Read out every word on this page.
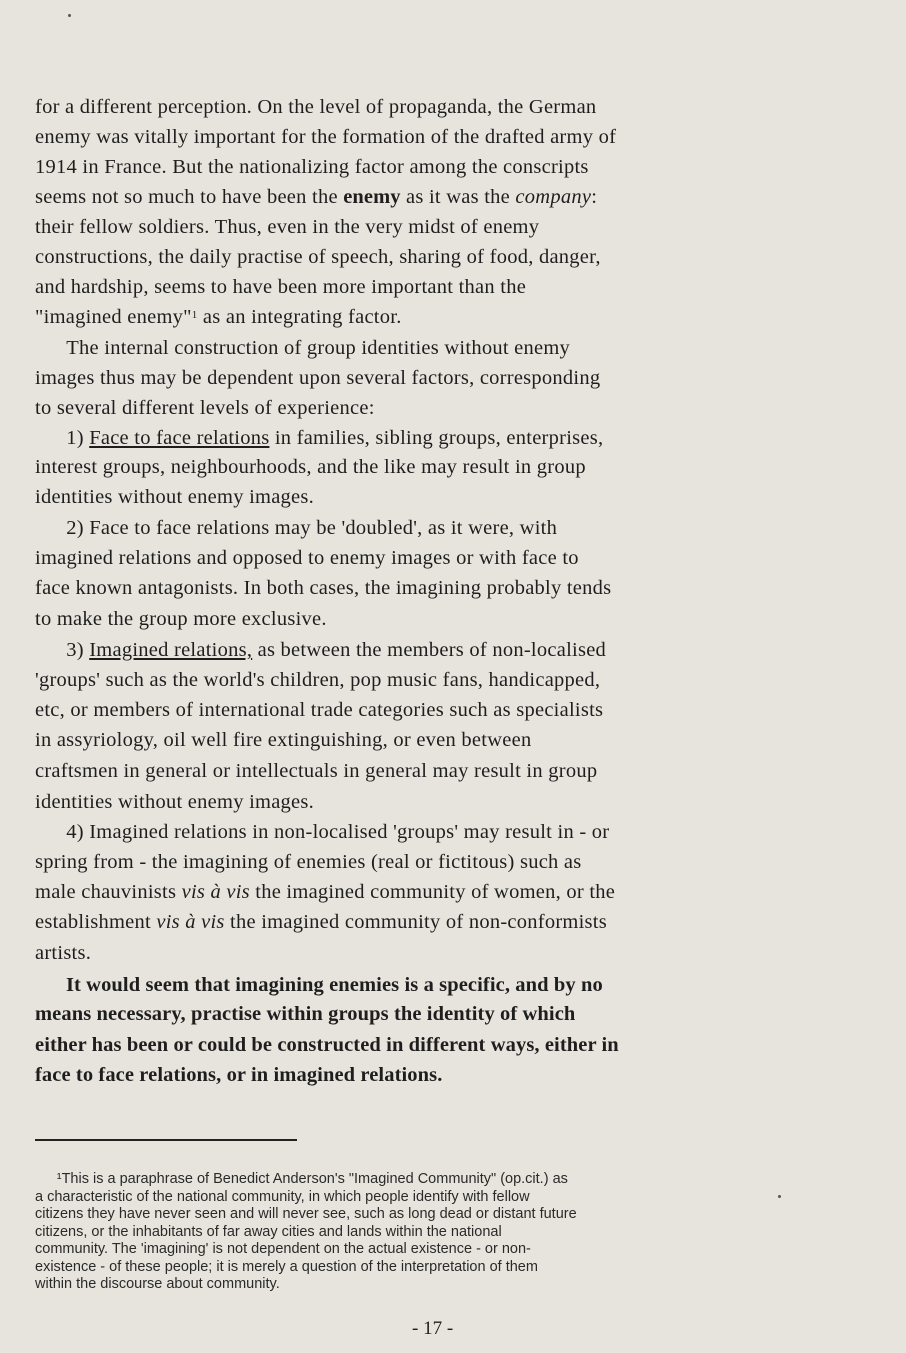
for a different perception. On the level of propaganda, the German
enemy was vitally important for the formation of the drafted army of
1914 in France. But the nationalizing factor among the conscripts
seems not so much to have been the enemy as it was the company:
their fellow soldiers. Thus, even in the very midst of enemy
constructions, the daily practise of speech, sharing of food, danger,
and hardship, seems to have been more important than the
"imagined enemy"$^1$ as an integrating factor.
  The internal construction of group identities without enemy
images thus may be dependent upon several factors, corresponding
to several different levels of experience:
  1) Face to face relations in families, sibling groups, enterprises,
interest groups, neighbourhoods, and the like may result in group
identities without enemy images.
  2) Face to face relations may be 'doubled', as it were, with
imagined relations and opposed to enemy images or with face to
face known antagonists. In both cases, the imagining probably tends
to make the group more exclusive.
  3) Imagined relations, as between the members of non-localised
'groups' such as the world's children, pop music fans, handicapped,
etc, or members of international trade categories such as specialists
in assyriology, oil well fire extinguishing, or even between
craftsmen in general or intellectuals in general may result in group
identities without enemy images.
  4) Imagined relations in non-localised 'groups' may result in - or
spring from - the imagining of enemies (real or fictitous) such as
male chauvinists vis à vis the imagined community of women, or the
establishment vis à vis the imagined community of non-conformists
artists.
  It would seem that imagining enemies is a specific, and by no
means necessary, practise within groups the identity of which
either has been or could be constructed in different ways, either in
face to face relations, or in imagined relations.
  ¹This is a paraphrase of Benedict Anderson's "Imagined Community" (op.cit.) as
a characteristic of the national community, in which people identify with fellow
citizens they have never seen and will never see, such as long dead or distant future
citizens, or the inhabitants of far away cities and lands within the national
community. The 'imagining' is not dependent on the actual existence - or non-
existence - of these people; it is merely a question of the interpretation of them
within the discourse about community.
- 17 -
